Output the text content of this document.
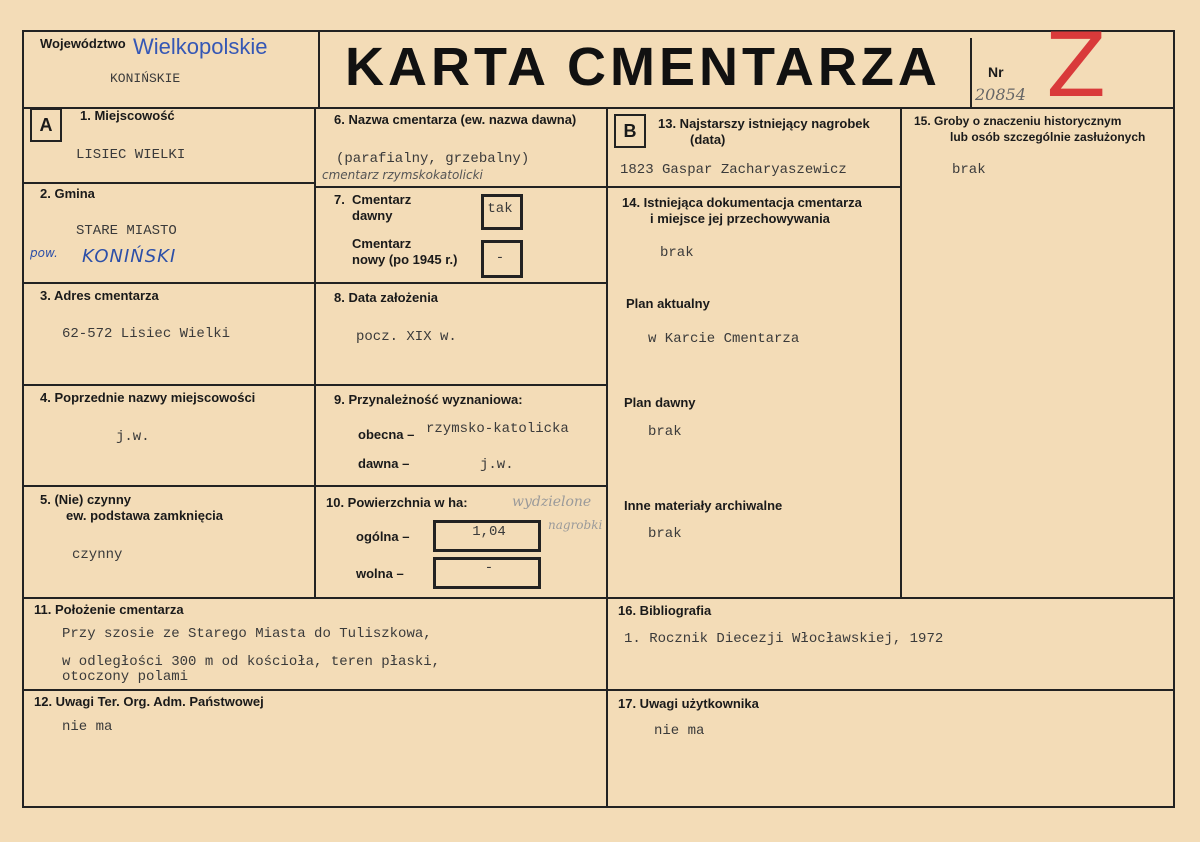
Województwo Wielkopolskie
KONIŃSKIE	KARTA CMENTARZA	Nr
20854 Z
A	B
1. Miejscowość
LISIEC WIELKI
2. Gmina
STARE MIASTO
pow. KONIŃSKI
3. Adres cmentarza
62-572 Lisiec Wielki
4. Poprzednie nazwy miejscowości
j.w.
5. (Nie) czynny
ew. podstawa zamknięcia
czynny
6. Nazwa cmentarza (ew. nazwa dawna)
(parafialny, grzebalny)
cmentarz rzymskokatolicki
7. Cmentarz
dawny	tak
Cmentarz
nowy (po 1945 r.)	-
8. Data założenia
pocz. XIX w.
9. Przynależność wyznaniowa:
obecna – rzymsko-katolicka
dawna –	j.w.
10. Powierzchnia w ha:	wydzielone
nagrobki
ogólna –	1,04
wolna –	-
13. Najstarszy istniejący nagrobek
(data)
1823 Gaspar Zacharyaszewicz
14. Istniejąca dokumentacja cmentarza
i miejsce jej przechowywania
brak
Plan aktualny
w Karcie Cmentarza
Plan dawny
brak
Inne materiały archiwalne
brak
15. Groby o znaczeniu historycznym
lub osób szczególnie zasłużonych
brak
11. Położenie cmentarza
Przy szosie ze Starego Miasta do Tuliszkowa,
w odległości 300 m od kościoła, teren płaski,
otoczony polami
16. Bibliografia
1. Rocznik Diecezji Włocławskiej, 1972
12. Uwagi Ter. Org. Adm. Państwowej
nie ma
17. Uwagi użytkownika
nie ma
